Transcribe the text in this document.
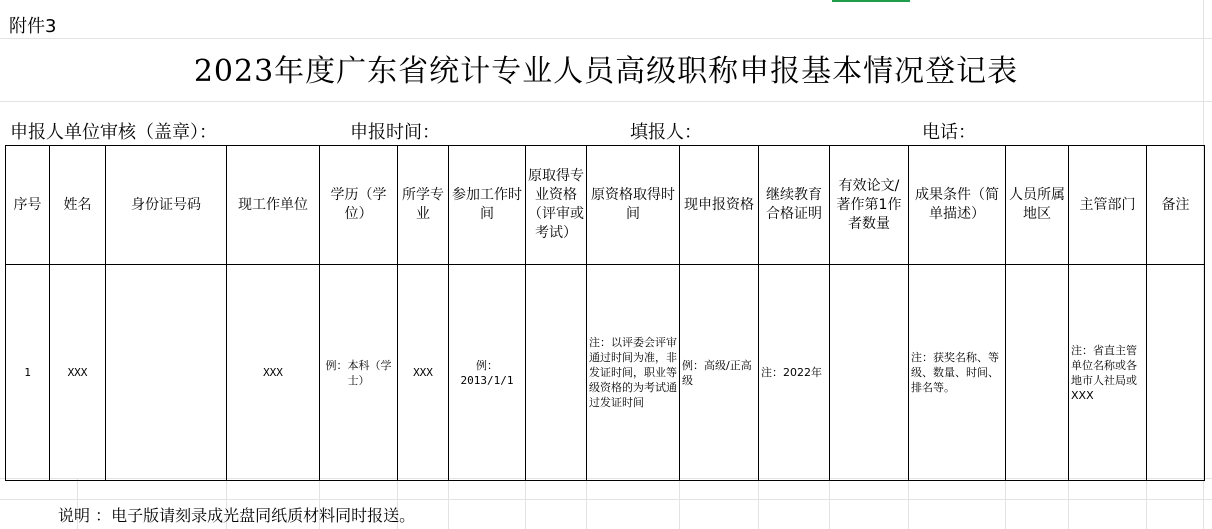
附件3
2023年度广东省统计专业人员高级职称申报基本情况登记表
申报人单位审核（盖章）：	申报时间：	填报人：	电话：
序号	姓名	身份证号码	现工作单位	学历（学位）	所学专业	参加工作时间	原取得专业资格（评审或考试）	原资格取得时间	现申报资格	继续教育合格证明	有效论文/著作第1作者数量	成果条件（简单描述）	人员所属地区	主管部门	备注
1	XXX		XXX	例：本科（学士）	XXX	例：2013/1/1		注：以评委会评审通过时间为准，非发证时间，职业等级资格的为考试通过发证时间	例：高级/正高级	注：2022年		注：获奖名称、等级、数量、时间、排名等。		注：省直主管单位名称或各地市人社局或XXX	
说明 ：电子版请刻录成光盘同纸质材料同时报送。
